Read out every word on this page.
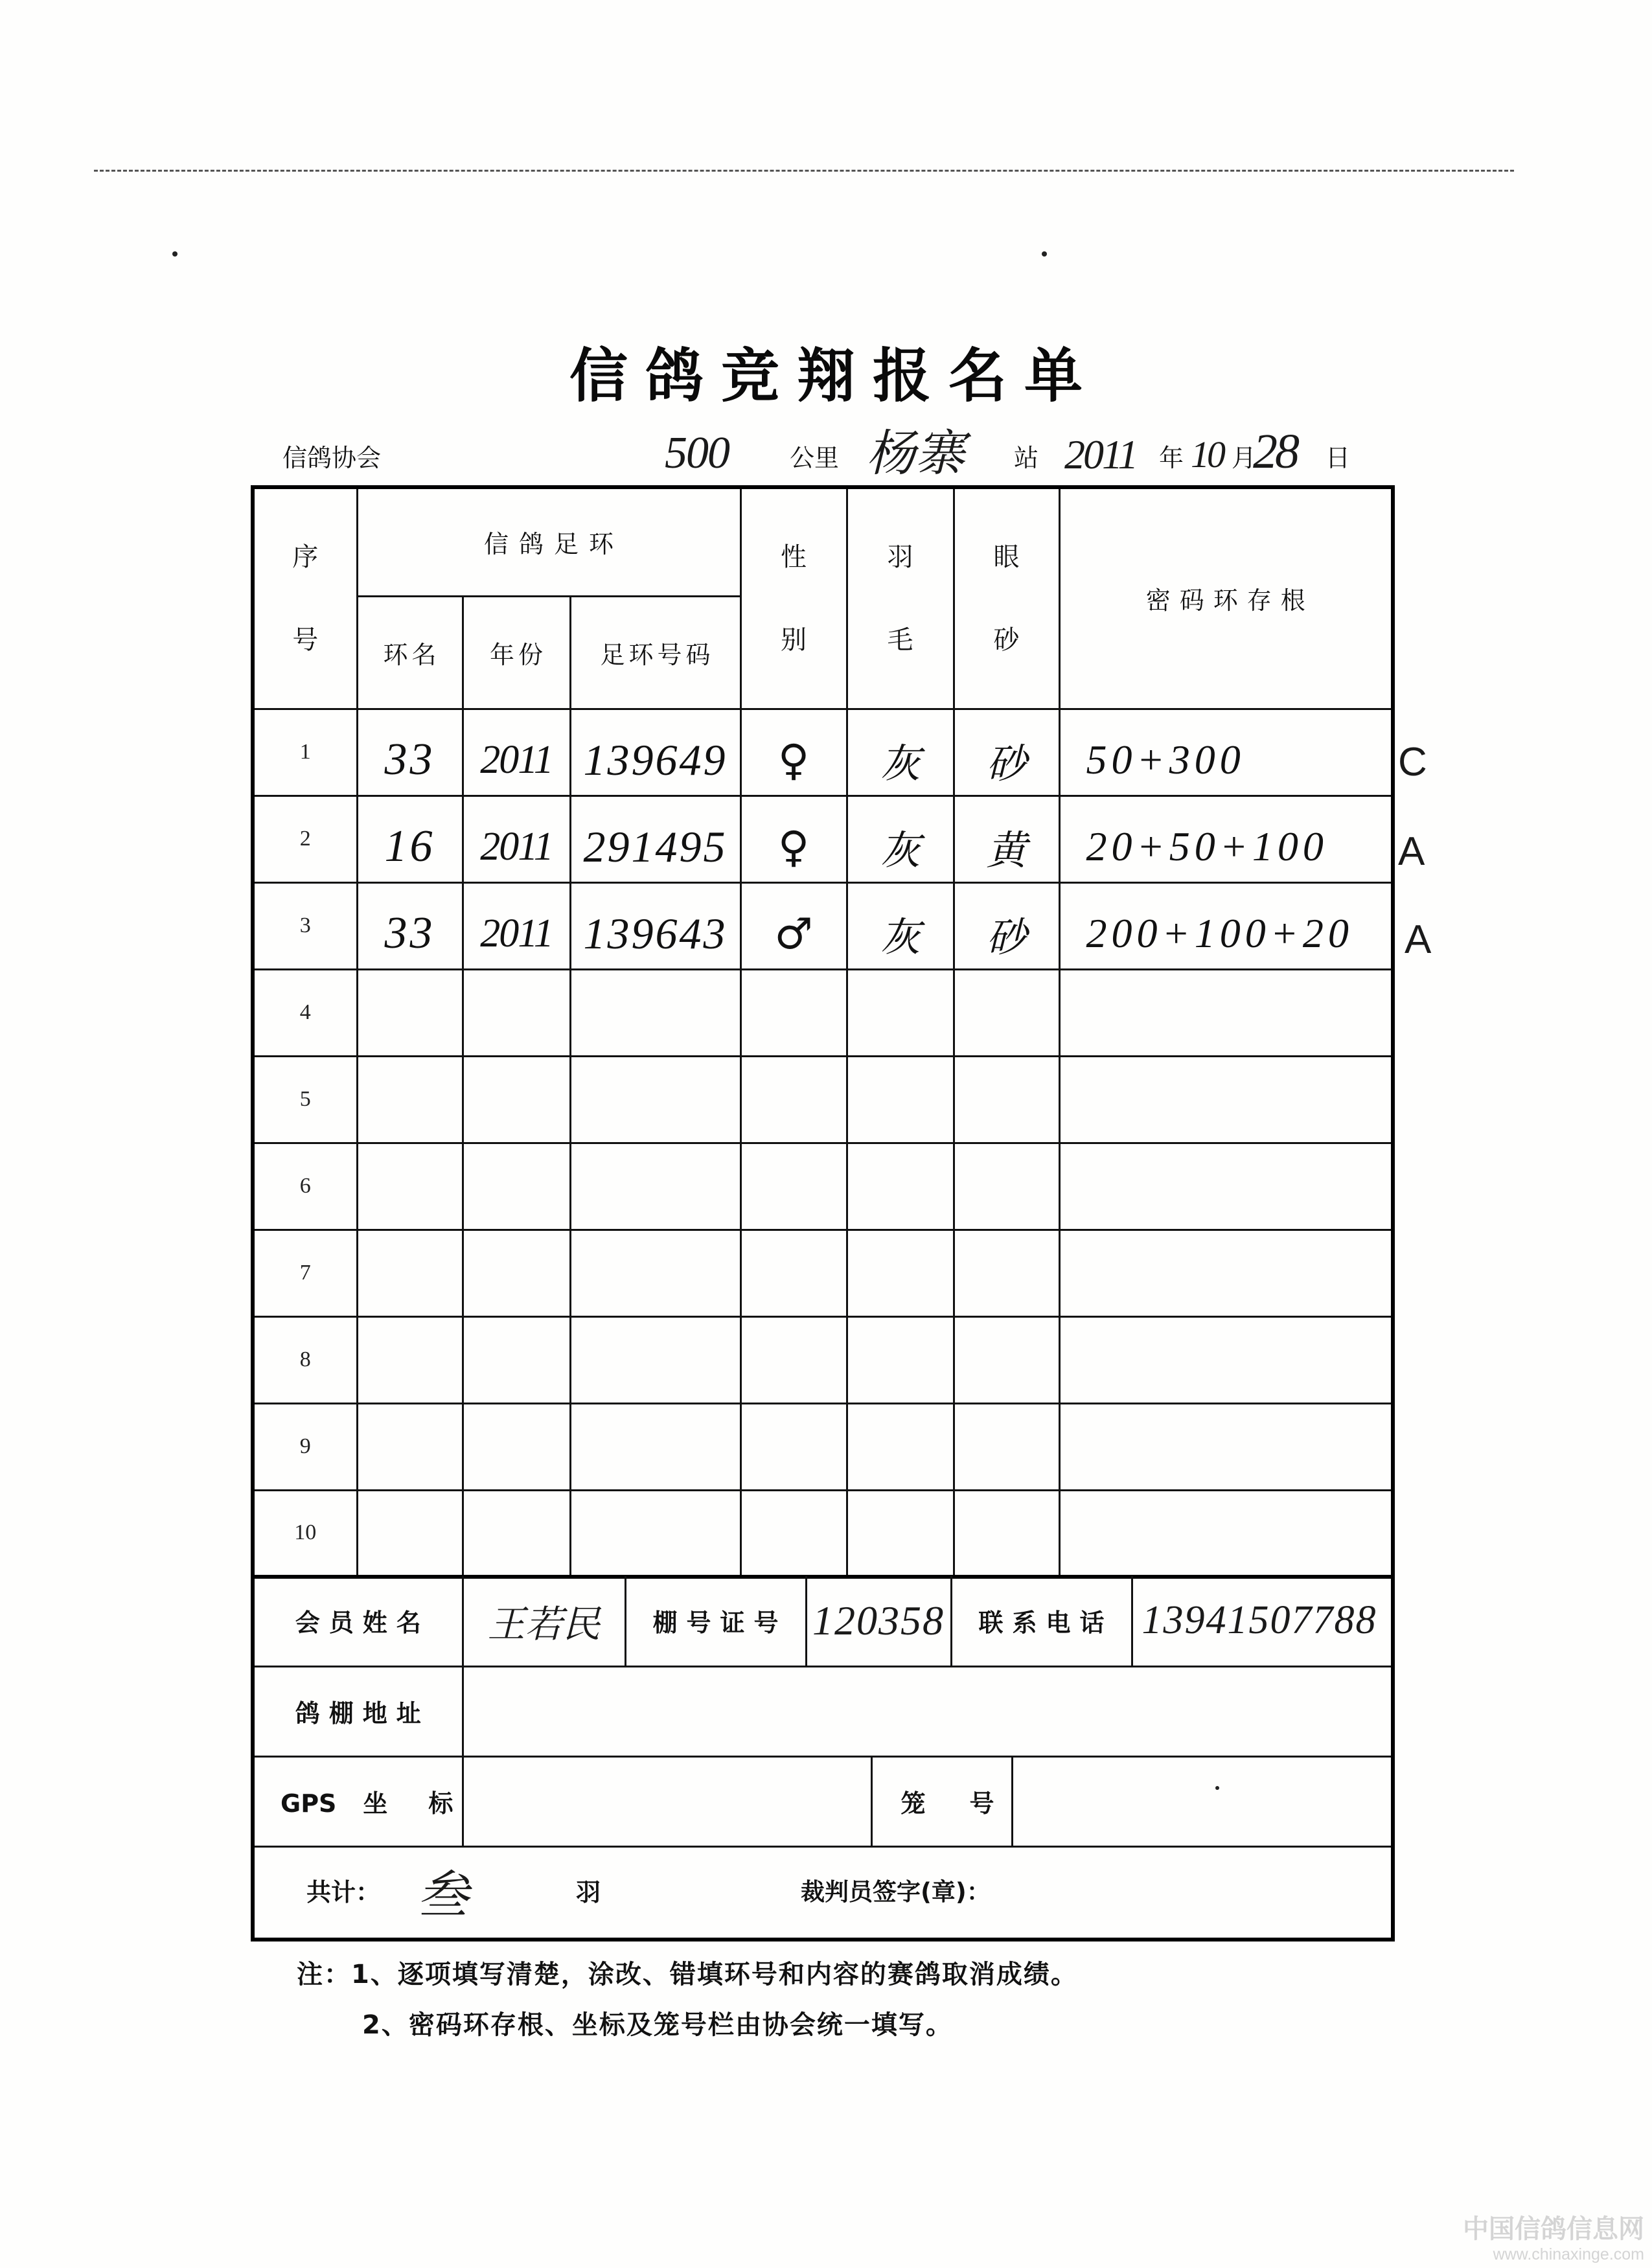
信鸽竞翔报名单
信鸽协会	500 公里 杨寨 站 2011 年 10 月
28 日
序号	信鸽足环			性别	羽毛	眼砂	密码环存根
	环名	年份	足环号码				
1	33	2011	139649	♀	灰	砂	50+300
2	16	2011	291495	♀	灰	黄	20+50+100
3	33	2011	139643	♂	灰	砂	200+100+20
4							
5							
6							
7							
8							
9							
10							
C
A
A
会员姓名	王若民	棚号证号	120358		联系电话		13941507788
鸽棚地址							
GPS 坐标				笼号			

共计： 叁 羽 裁判员签字(章)：							
注：1、逐项填写清楚，涂改、错填环号和内容的赛鸽取消成绩。
2、密码环存根、坐标及笼号栏由协会统一填写。
中国信鸽信息网
www.chinaxinge.com
